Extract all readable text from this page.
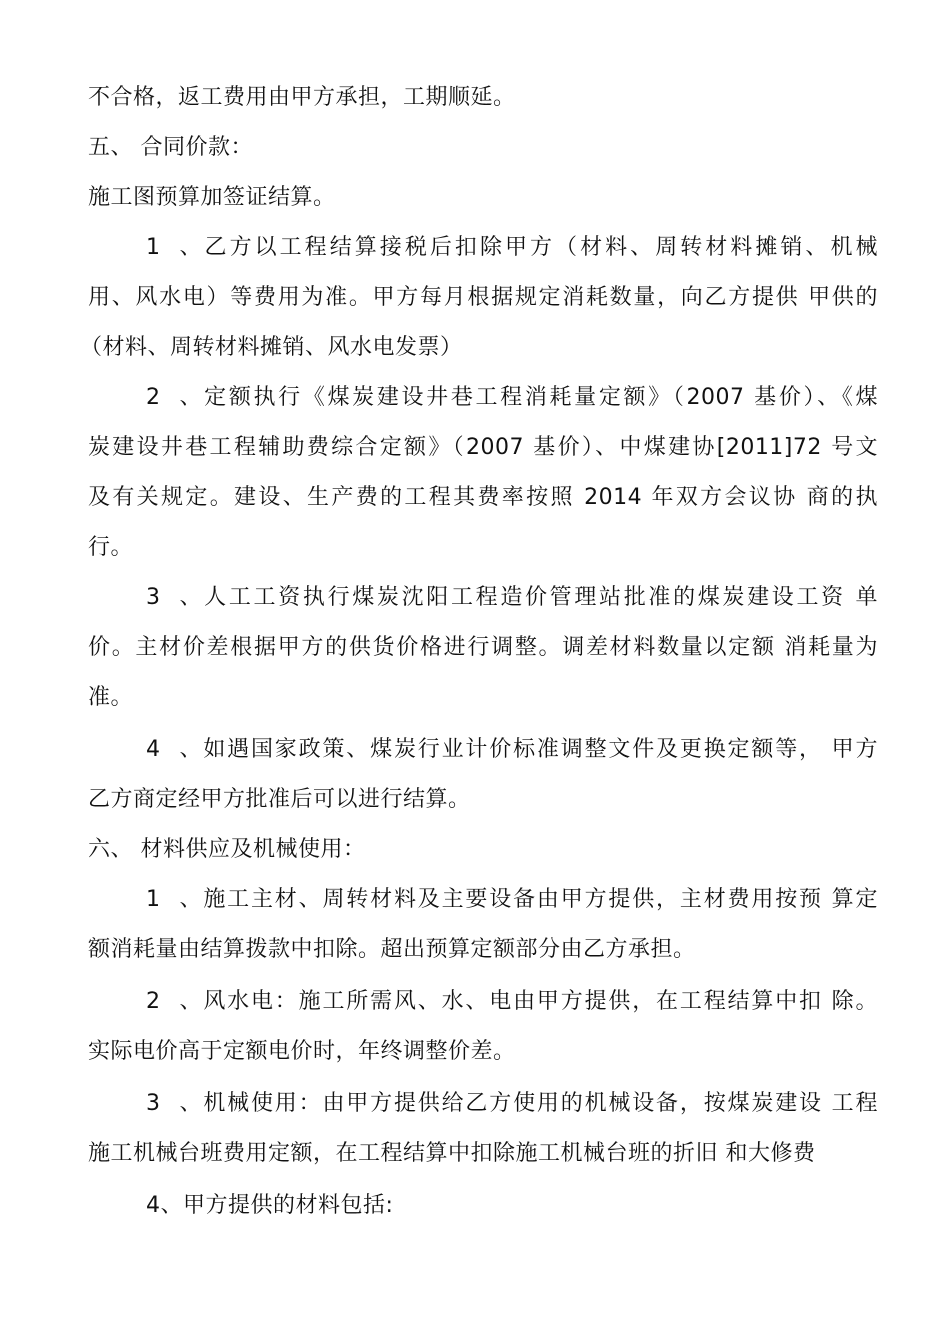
不合格，返工费用由甲方承担，工期顺延。
五、 合同价款：
施工图预算加签证结算。
1、乙方以工程结算接税后扣除甲方（材料、周转材料摊销、机械
用、风水电）等费用为准。甲方每月根据规定消耗数量，向乙方提供 甲供的
（材料、周转材料摊销、风水电发票）
2、定额执行《煤炭建设井巷工程消耗量定额》（2007 基价）、《煤
炭建设井巷工程辅助费综合定额》（2007 基价）、中煤建协[2011]72 号文
及有关规定。建设、生产费的工程其费率按照 2014 年双方会议协 商的执
行。
3、人工工资执行煤炭沈阳工程造价管理站批准的煤炭建设工资 单
价。主材价差根据甲方的供货价格进行调整。调差材料数量以定额 消耗量为
准。
4、如遇国家政策、煤炭行业计价标准调整文件及更换定额等， 甲方
乙方商定经甲方批准后可以进行结算。
六、 材料供应及机械使用：
1、施工主材、周转材料及主要设备由甲方提供，主材费用按预 算定
额消耗量由结算拨款中扣除。超出预算定额部分由乙方承担。
2、风水电：施工所需风、水、电由甲方提供，在工程结算中扣 除。
实际电价高于定额电价时，年终调整价差。
3、机械使用：由甲方提供给乙方使用的机械设备，按煤炭建设 工程
施工机械台班费用定额，在工程结算中扣除施工机械台班的折旧 和大修费
4、甲方提供的材料包括:
